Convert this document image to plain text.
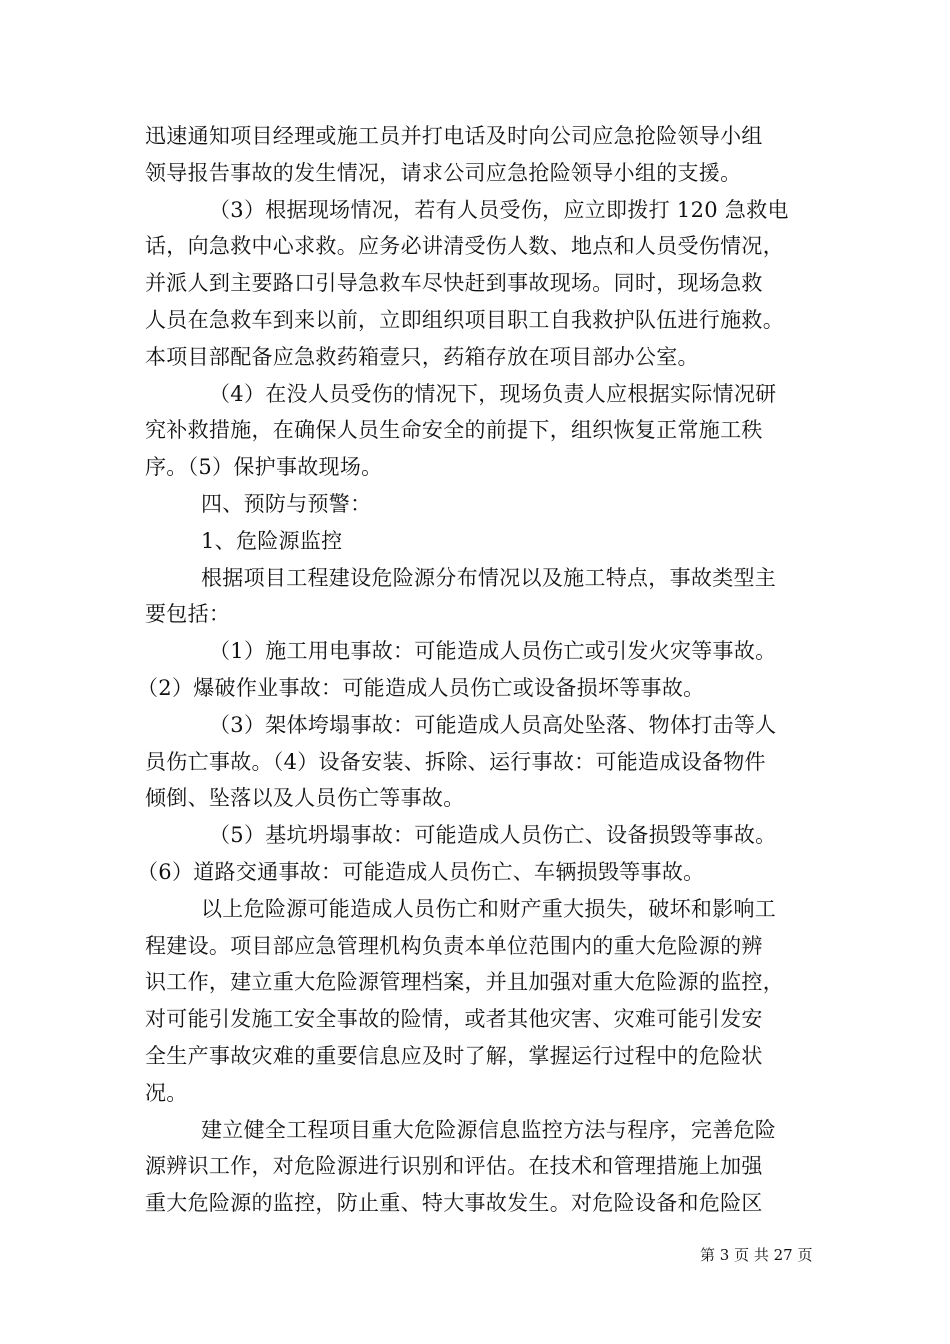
迅速通知项目经理或施工员并打电话及时向公司应急抢险领导小组
领导报告事故的发生情况，请求公司应急抢险领导小组的支援。
（3）根据现场情况，若有人员受伤，应立即拨打 120 急救电
话，向急救中心求救。应务必讲清受伤人数、地点和人员受伤情况，
并派人到主要路口引导急救车尽快赶到事故现场。同时，现场急救
人员在急救车到来以前，立即组织项目职工自我救护队伍进行施救。
本项目部配备应急救药箱壹只，药箱存放在项目部办公室。
（4）在没人员受伤的情况下，现场负责人应根据实际情况研
究补救措施，在确保人员生命安全的前提下，组织恢复正常施工秩
序。（5）保护事故现场。
四、预防与预警：
1、危险源监控
根据项目工程建设危险源分布情况以及施工特点，事故类型主
要包括：
（1）施工用电事故：可能造成人员伤亡或引发火灾等事故。
（2）爆破作业事故：可能造成人员伤亡或设备损坏等事故。
（3）架体垮塌事故：可能造成人员高处坠落、物体打击等人
员伤亡事故。（4）设备安装、拆除、运行事故：可能造成设备物件
倾倒、坠落以及人员伤亡等事故。
（5）基坑坍塌事故：可能造成人员伤亡、设备损毁等事故。
（6）道路交通事故：可能造成人员伤亡、车辆损毁等事故。
以上危险源可能造成人员伤亡和财产重大损失，破坏和影响工
程建设。项目部应急管理机构负责本单位范围内的重大危险源的辨
识工作，建立重大危险源管理档案，并且加强对重大危险源的监控，
对可能引发施工安全事故的险情，或者其他灾害、灾难可能引发安
全生产事故灾难的重要信息应及时了解，掌握运行过程中的危险状
况。
建立健全工程项目重大危险源信息监控方法与程序，完善危险
源辨识工作，对危险源进行识别和评估。在技术和管理措施上加强
重大危险源的监控，防止重、特大事故发生。对危险设备和危险区
第 3 页 共 27 页
